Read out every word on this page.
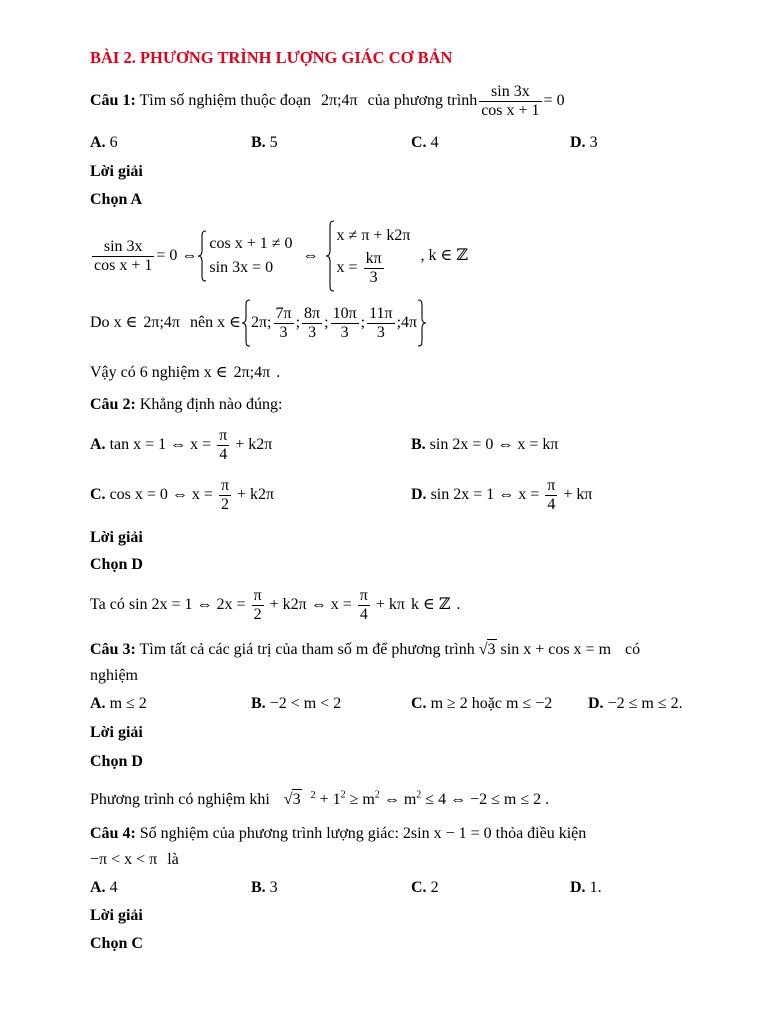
BÀI 2. PHƯƠNG TRÌNH LƯỢNG GIÁC CƠ BẢN
Câu 1: Tìm số nghiệm thuộc đoạn 2π;4π của phương trình $\frac{\sin 3x}{\text{cos x + 1}} = 0$
A. 6	B. 5	C. 4	D. 3
Lời giải
Chọn A
$\frac{\sin 3x}{\text{cos x + 1}} = 0$ ⇔
cos x + 1 ≠ 0
sin 3x = 0
⇔
x ≠ π + k2π
$x = \frac{k\pi}{3}$ , k ∈ ℤ
Do x ∈ 2π;4π nên x ∈ 2π; $\frac{7\pi}{3}$ ; $\frac{8\pi}{3}$ ; $\frac{10\pi}{3}$ ; $\frac{11\pi}{3}$ ;4π
Vậy có 6 nghiệm x ∈ 2π;4π .
Câu 2: Khẳng định nào đúng:
A. tan x = 1 ⇔ $x = \frac{\pi}{4} + k2\pi$	B. sin 2x = 0 ⇔ x = kπ
C. cos x = 0 ⇔ $x = \frac{\pi}{2} + k2\pi$	D. sin 2x = 1 ⇔ $x = \frac{\pi}{4} + k\pi$
Lời giải
Chọn D
Ta có sin 2x = 1 ⇔ $2x = \frac{\pi}{2} + k2\pi$ ⇔ $x = \frac{\pi}{4} + k\pi$ k ∈ ℤ .
Câu 3: Tìm tất cả các giá trị của tham số m để phương trình √3 sin x + cos x = m có
nghiệm
A. m ≤ 2	B. −2 < m < 2	C. m ≥ 2 hoặc m ≤ −2 D. −2 ≤ m ≤ 2.
Lời giải
Chọn D
Phương trình có nghiệm khi √3 $^2 + 1^2 \ge m^2$ ⇔ $m^2 \le 4$ ⇔ −2 ≤ m ≤ 2 .
Câu 4: Số nghiệm của phương trình lượng giác: 2sin x − 1 = 0 thỏa điều kiện
−π < x < π là
A. 4	B. 3	C. 2	D. 1.
Lời giải
Chọn C
